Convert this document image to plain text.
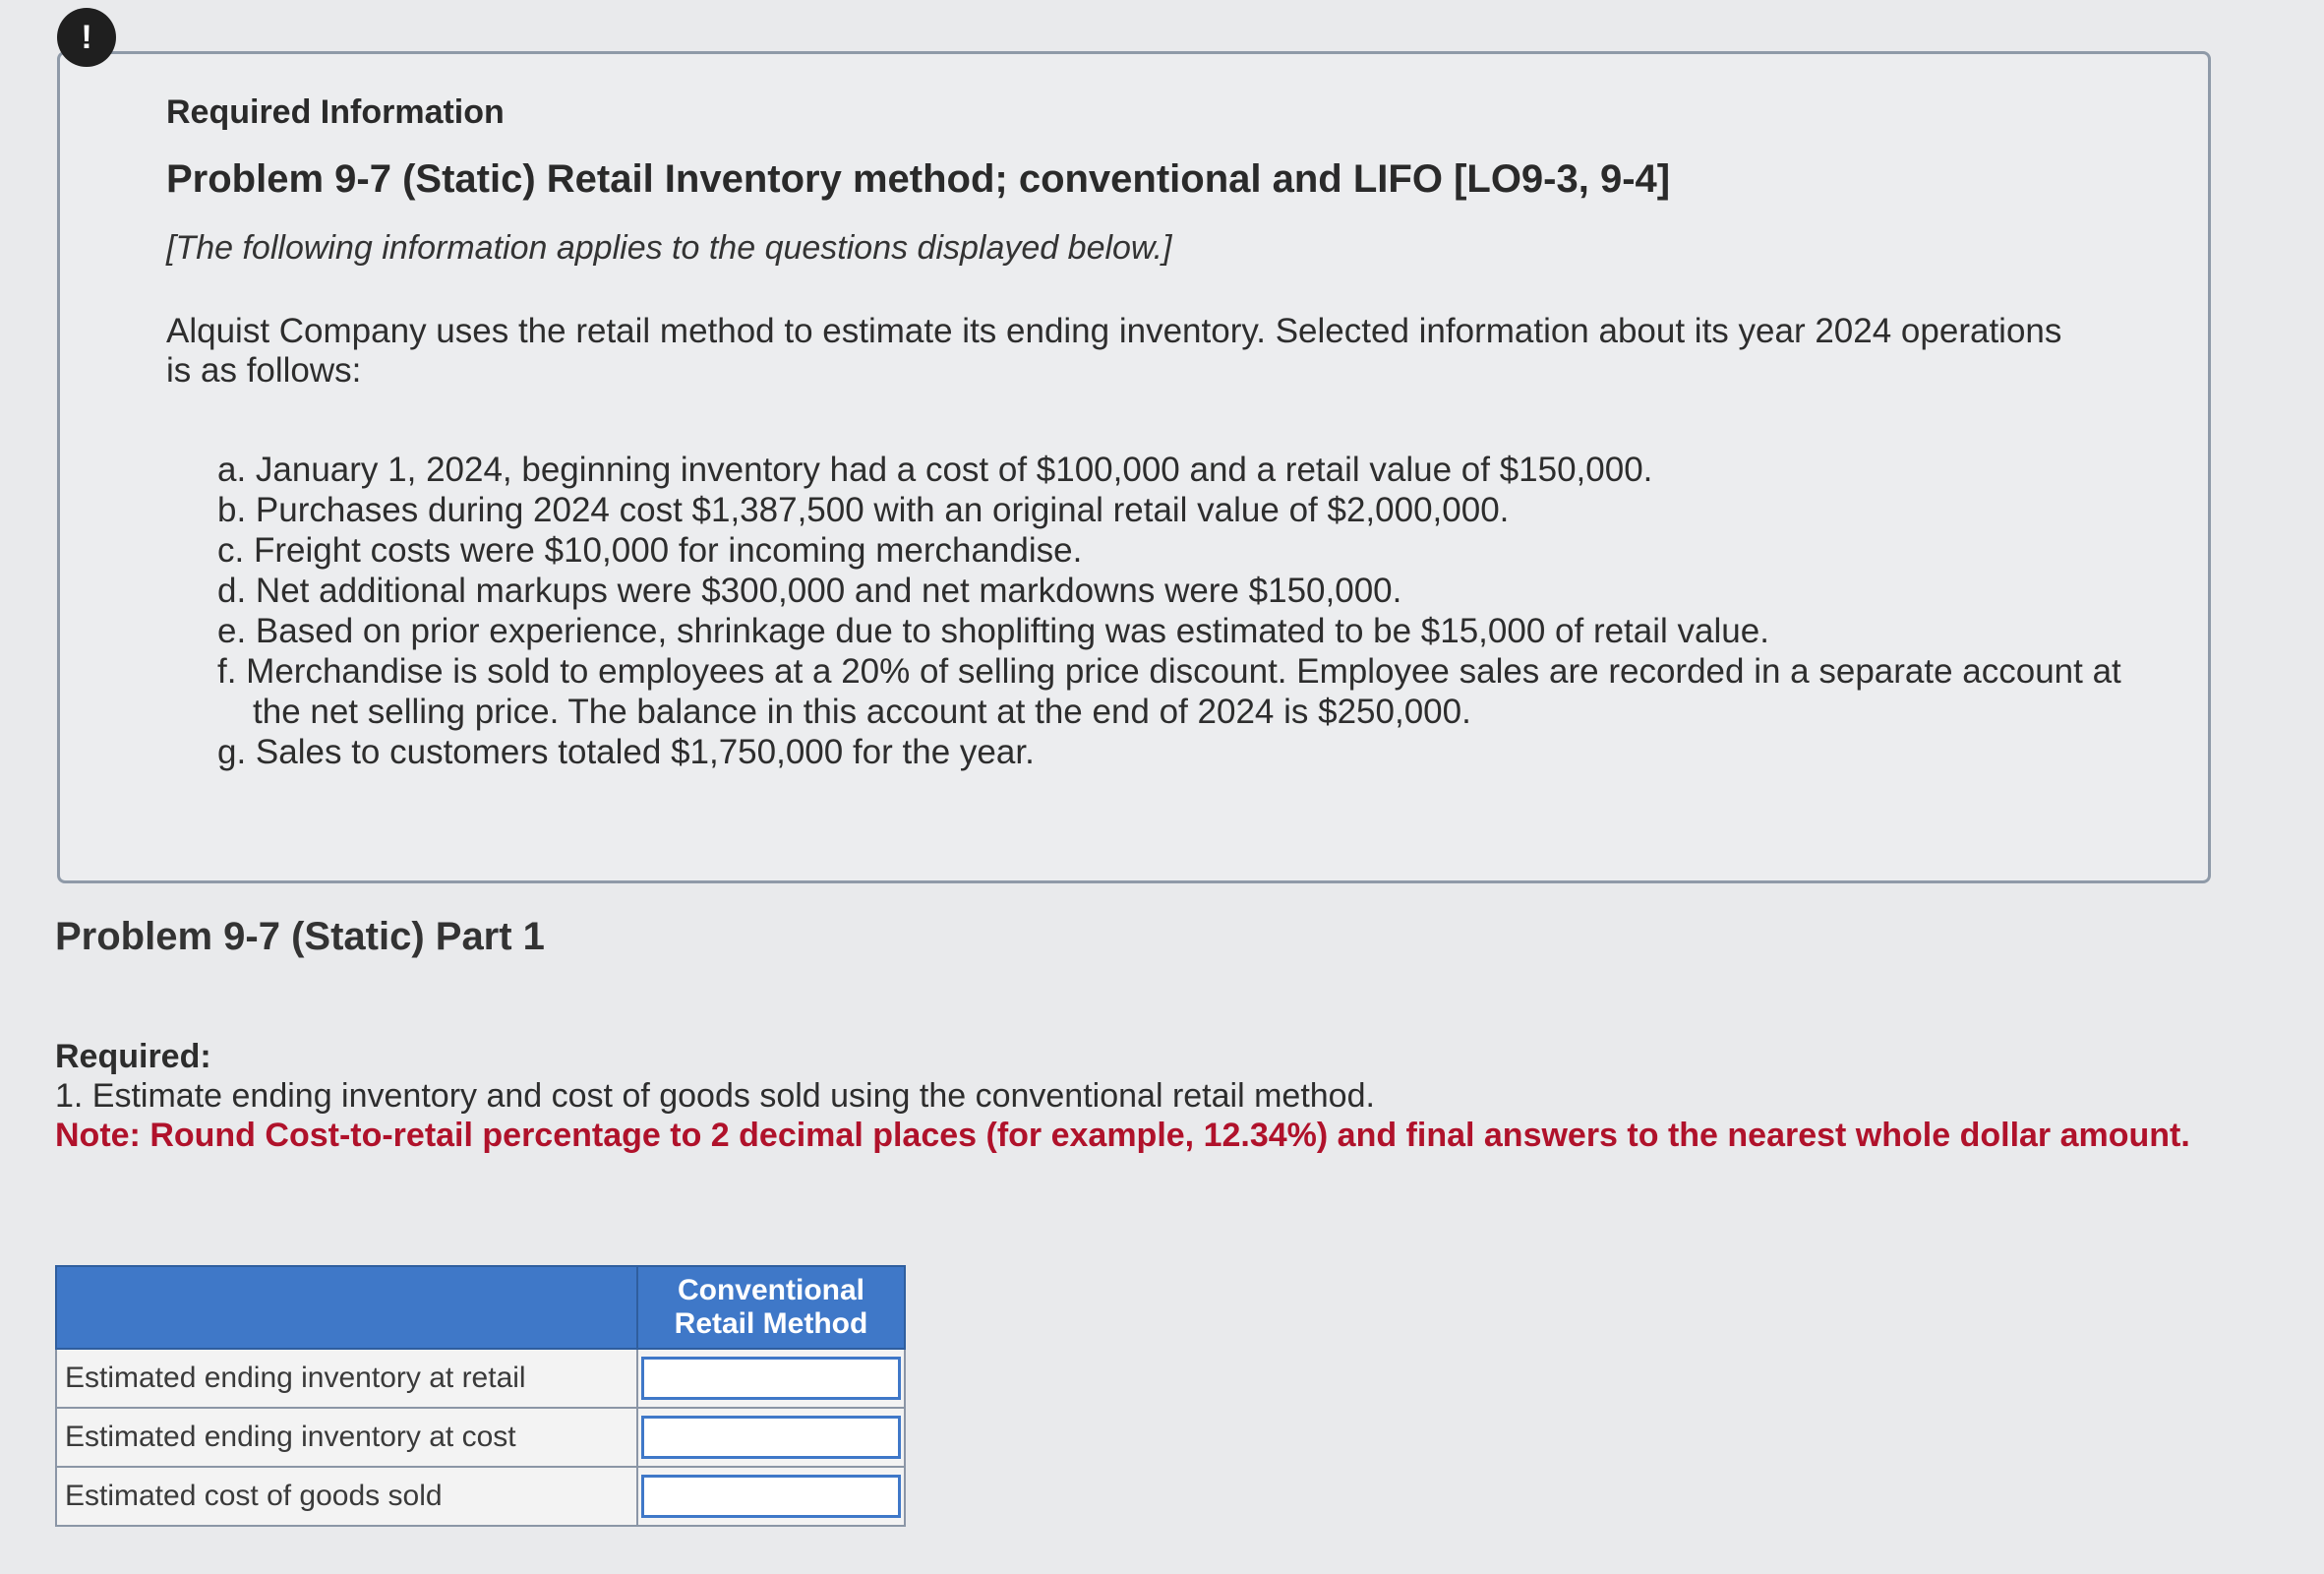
Required Information
Problem 9-7 (Static) Retail Inventory method; conventional and LIFO [LO9-3, 9-4]
[The following information applies to the questions displayed below.]
Alquist Company uses the retail method to estimate its ending inventory. Selected information about its year 2024 operations is as follows:
a. January 1, 2024, beginning inventory had a cost of $100,000 and a retail value of $150,000.
b. Purchases during 2024 cost $1,387,500 with an original retail value of $2,000,000.
c. Freight costs were $10,000 for incoming merchandise.
d. Net additional markups were $300,000 and net markdowns were $150,000.
e. Based on prior experience, shrinkage due to shoplifting was estimated to be $15,000 of retail value.
f. Merchandise is sold to employees at a 20% of selling price discount. Employee sales are recorded in a separate account at the net selling price. The balance in this account at the end of 2024 is $250,000.
g. Sales to customers totaled $1,750,000 for the year.
!
Problem 9-7 (Static) Part 1
Required:
1. Estimate ending inventory and cost of goods sold using the conventional retail method.
Note: Round Cost-to-retail percentage to 2 decimal places (for example, 12.34%) and final answers to the nearest whole dollar amount.
	Conventional
Retail Method
Estimated ending inventory at retail	

Estimated ending inventory at cost	

Estimated cost of goods sold	
